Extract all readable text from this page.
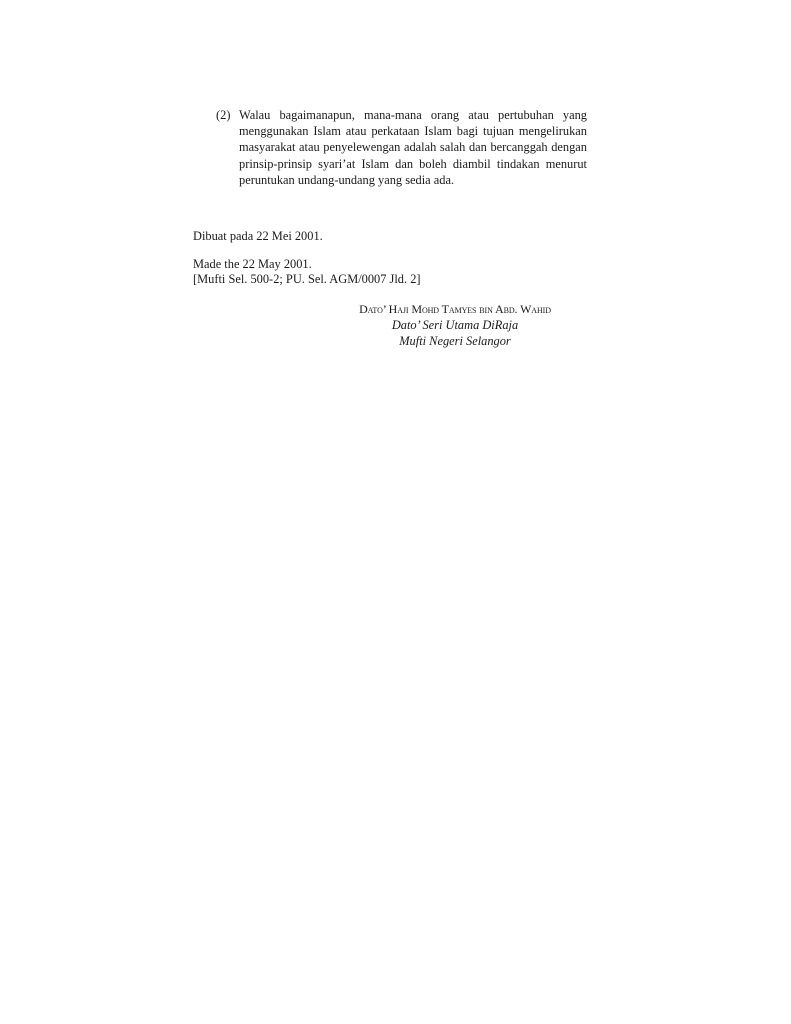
(2) Walau bagaimanapun, mana-mana orang atau pertubuhan yang menggunakan Islam atau perkataan Islam bagi tujuan mengelirukan masyarakat atau penyelewengan adalah salah dan bercanggah dengan prinsip-prinsip syari’at Islam dan boleh diambil tindakan menurut peruntukan undang-undang yang sedia ada.
Dibuat pada 22 Mei 2001.
Made the 22 May 2001.
[Mufti Sel. 500-2; PU. Sel. AGM/0007 Jld. 2]
Dato’ Haji Mohd Tamyes bin Abd. Wahid
Dato’ Seri Utama DiRaja
Mufti Negeri Selangor
